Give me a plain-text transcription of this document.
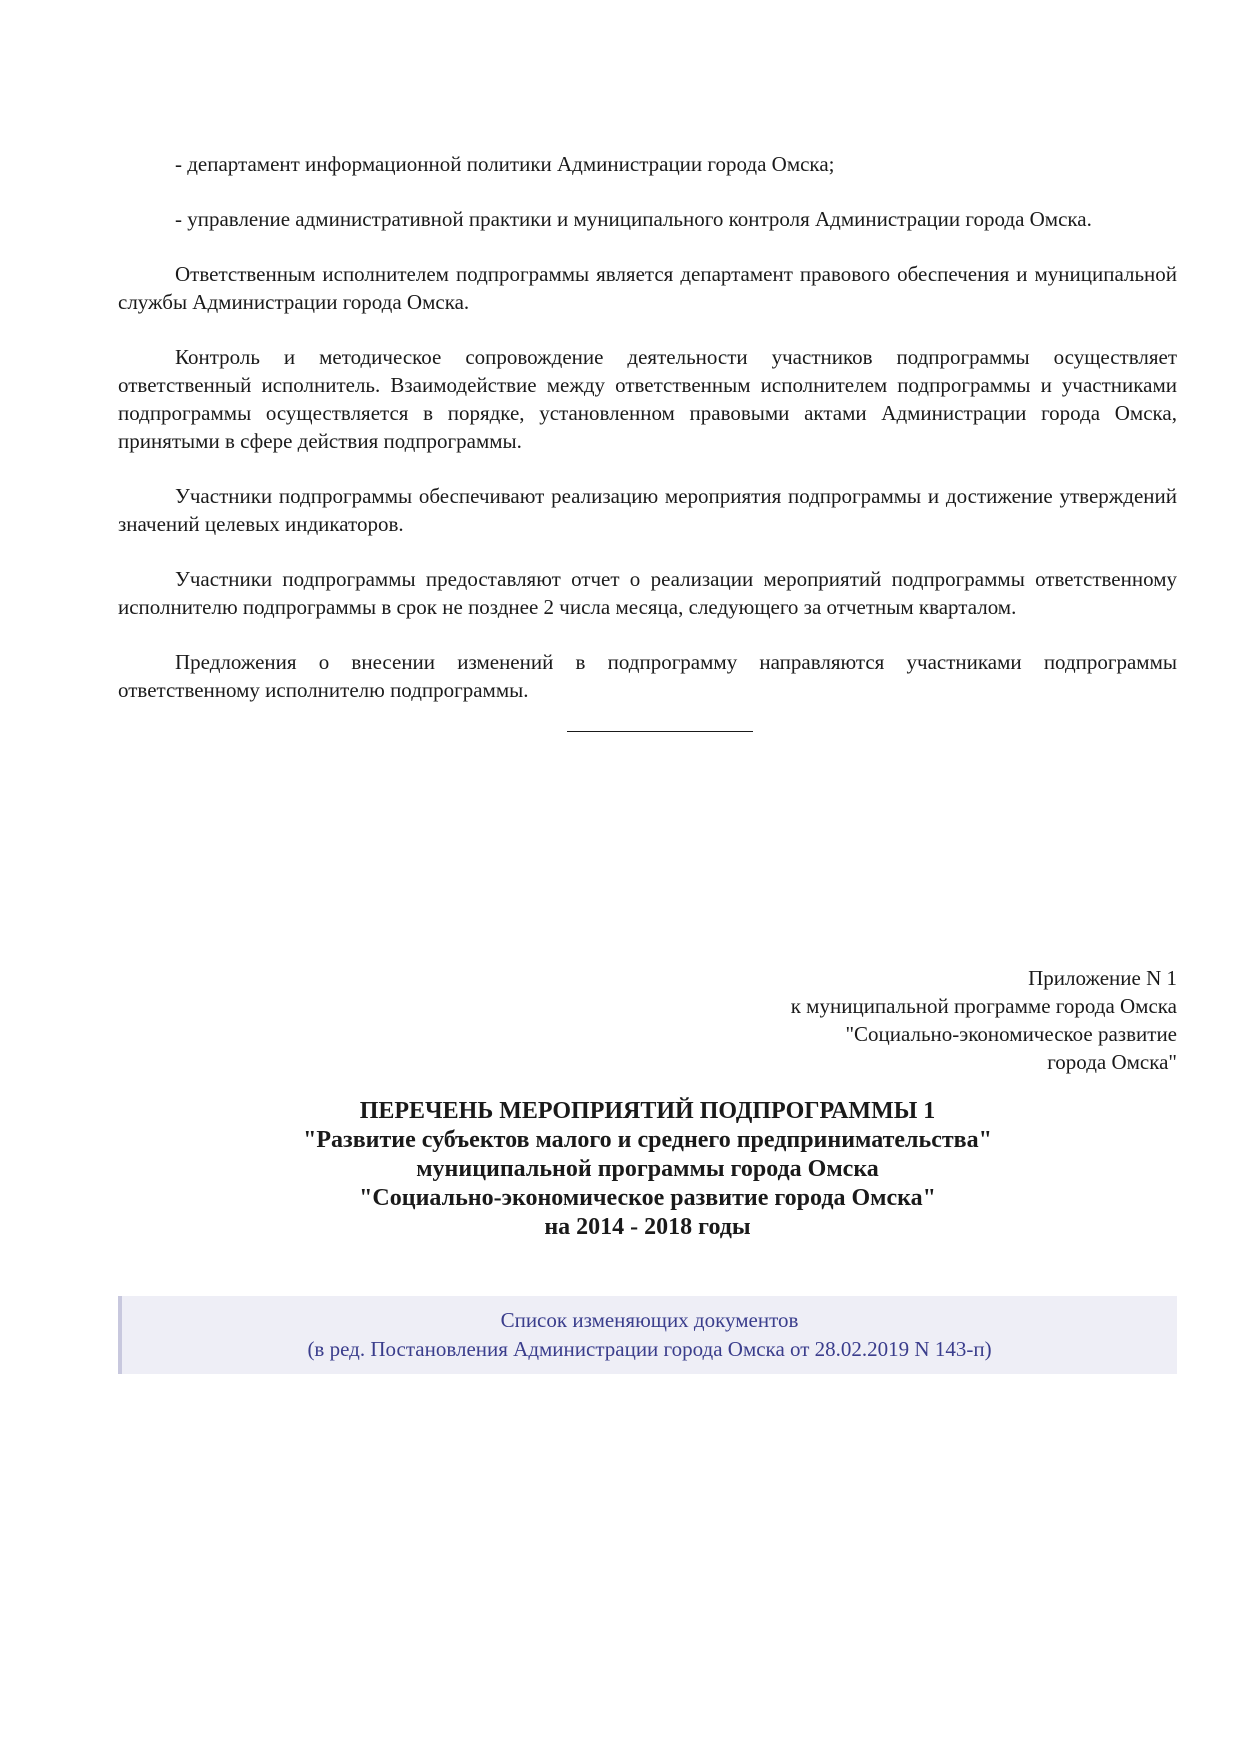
- департамент информационной политики Администрации города Омска;

- управление административной практики и муниципального контроля Администрации города Омска.

Ответственным исполнителем подпрограммы является департамент правового обеспечения и муниципальной службы Администрации города Омска.

Контроль и методическое сопровождение деятельности участников подпрограммы осуществляет ответственный исполнитель. Взаимодействие между ответственным исполнителем подпрограммы и участниками подпрограммы осуществляется в порядке, установленном правовыми актами Администрации города Омска, принятыми в сфере действия подпрограммы.

Участники подпрограммы обеспечивают реализацию мероприятия подпрограммы и достижение утверждений значений целевых индикаторов.

Участники подпрограммы предоставляют отчет о реализации мероприятий подпрограммы ответственному исполнителю подпрограммы в срок не позднее 2 числа месяца, следующего за отчетным кварталом.

Предложения о внесении изменений в подпрограмму направляются участниками подпрограммы ответственному исполнителю подпрограммы.

Приложение N 1
к муниципальной программе города Омска
"Социально-экономическое развитие
города Омска"
ПЕРЕЧЕНЬ МЕРОПРИЯТИЙ ПОДПРОГРАММЫ 1
"Развитие субъектов малого и среднего предпринимательства"
муниципальной программы города Омска
"Социально-экономическое развитие города Омска"
на 2014 - 2018 годы
Список изменяющих документов
(в ред. Постановления Администрации города Омска от 28.02.2019 N 143-п)
